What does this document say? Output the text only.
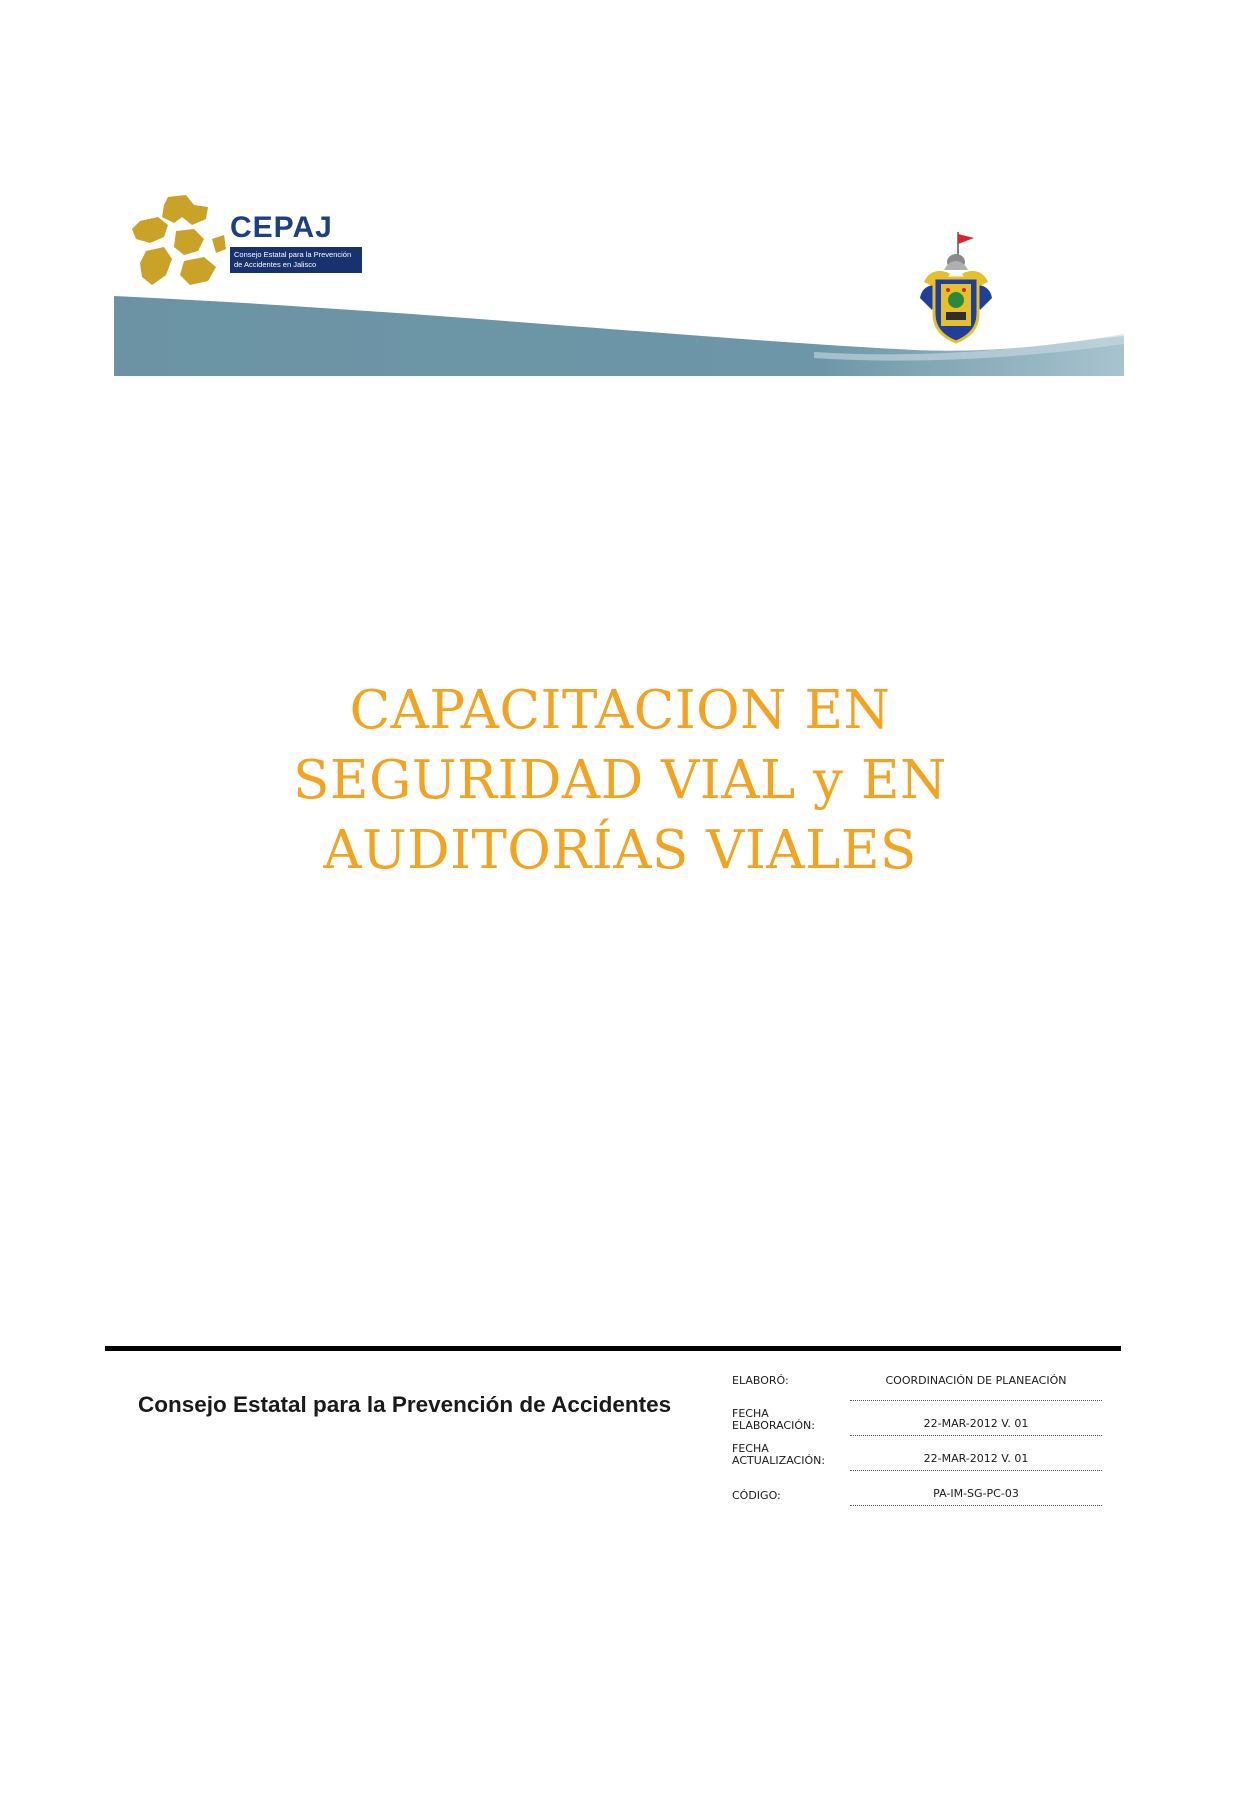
CEPAJ
Consejo Estatal para la Prevención de Accidentes en Jalisco
CAPACITACION EN
SEGURIDAD VIAL y EN
AUDITORÍAS VIALES

Consejo Estatal para la Prevención de Accidentes

ELABORÓ:	COORDINACIÓN DE PLANEACIÓN
FECHA ELABORACIÓN:	22-MAR-2012 V. 01
FECHA ACTUALIZACIÓN:	22-MAR-2012 V. 01
CÓDIGO:	PA-IM-SG-PC-03
